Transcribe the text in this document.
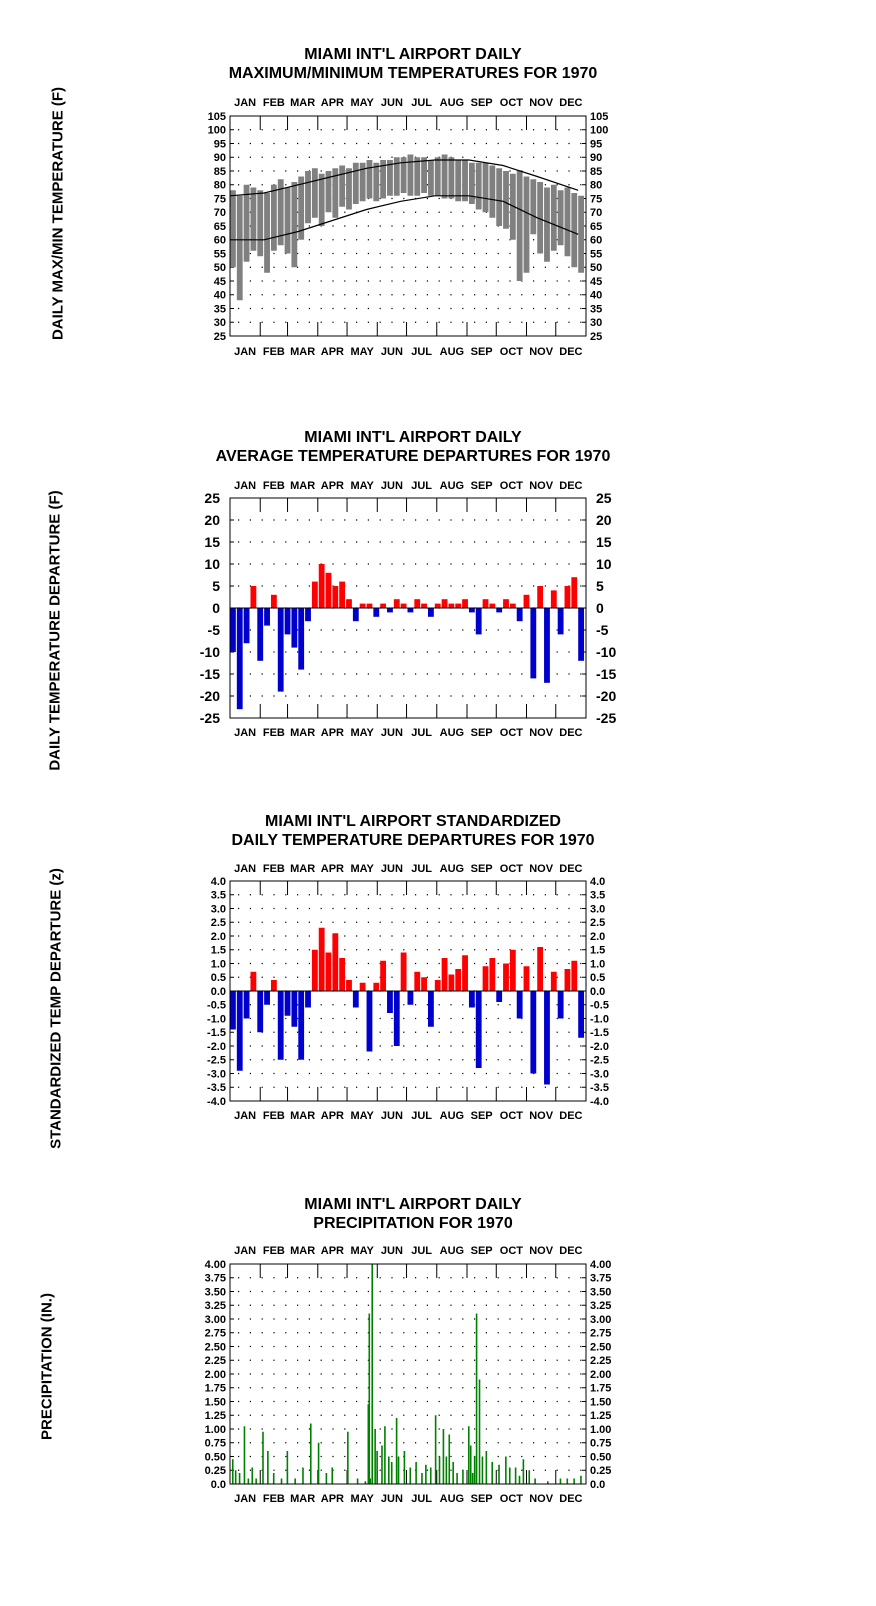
MIAMI INT'L AIRPORT DAILY
MAXIMUM/MINIMUM TEMPERATURES FOR 1970
DAILY MAX/MIN TEMPERATURE (F)	JAN
JAN
FEB
FEB
MAR
MAR
APR
APR
MAY
MAY
JUN
JUN
JUL
JUL
AUG
AUG
SEP
SEP
OCT
OCT
NOV
NOV
DEC
DEC
105	105
100	100
95	95
90	90
85	85
80	80
75	75
70	70
65	65
60	60
55	55
50	50
45	45
40	40
35	35
30	30
25	25
MIAMI INT'L AIRPORT DAILY
AVERAGE TEMPERATURE DEPARTURES FOR 1970
DAILY TEMPERATURE DEPARTURE (F)
JAN
JAN
FEB
FEB
MAR
MAR
APR
APR
MAY
MAY
JUN
JUN
JUL
JUL
AUG
AUG
SEP
SEP
OCT
OCT
NOV
NOV
DEC
DEC
25	25
20	20
15	15
10	10
5	5
0	0
-5	-5
-10	-10
-15	-15
-20	-20
-25	-25
MIAMI INT'L AIRPORT STANDARDIZED
DAILY TEMPERATURE DEPARTURES FOR 1970
STANDARDIZED TEMP DEPARTURE (z)	JAN
JAN
FEB
FEB
MAR
MAR
APR
APR
MAY
MAY
JUN
JUN
JUL
JUL
AUG
AUG
SEP
SEP
OCT
OCT
NOV
NOV
DEC
DEC
4.0	4.0
3.5	3.5
3.0	3.0
2.5	2.5
2.0	2.0
1.5	1.5
1.0	1.0
0.5	0.5
0.0	0.0
-0.5	-0.5
-1.0	-1.0
-1.5	-1.5
-2.0	-2.0
-2.5	-2.5
-3.0	-3.0
-3.5	-3.5
-4.0	-4.0
MIAMI INT'L AIRPORT DAILY
PRECIPITATION FOR 1970
PRECIPITATION (IN.)
JAN
JAN
FEB
FEB
MAR
MAR
APR
APR
MAY
MAY
JUN
JUN
JUL
JUL
AUG
AUG
SEP
SEP
OCT
OCT
NOV
NOV
DEC
DEC
4.00	4.00
3.75	3.75
3.50	3.50
3.25	3.25
3.00	3.00
2.75	2.75
2.50	2.50
2.25	2.25
2.00	2.00
1.75	1.75
1.50	1.50
1.25	1.25
1.00	1.00
0.75	0.75
0.50	0.50
0.25	0.25
0.0	0.0
